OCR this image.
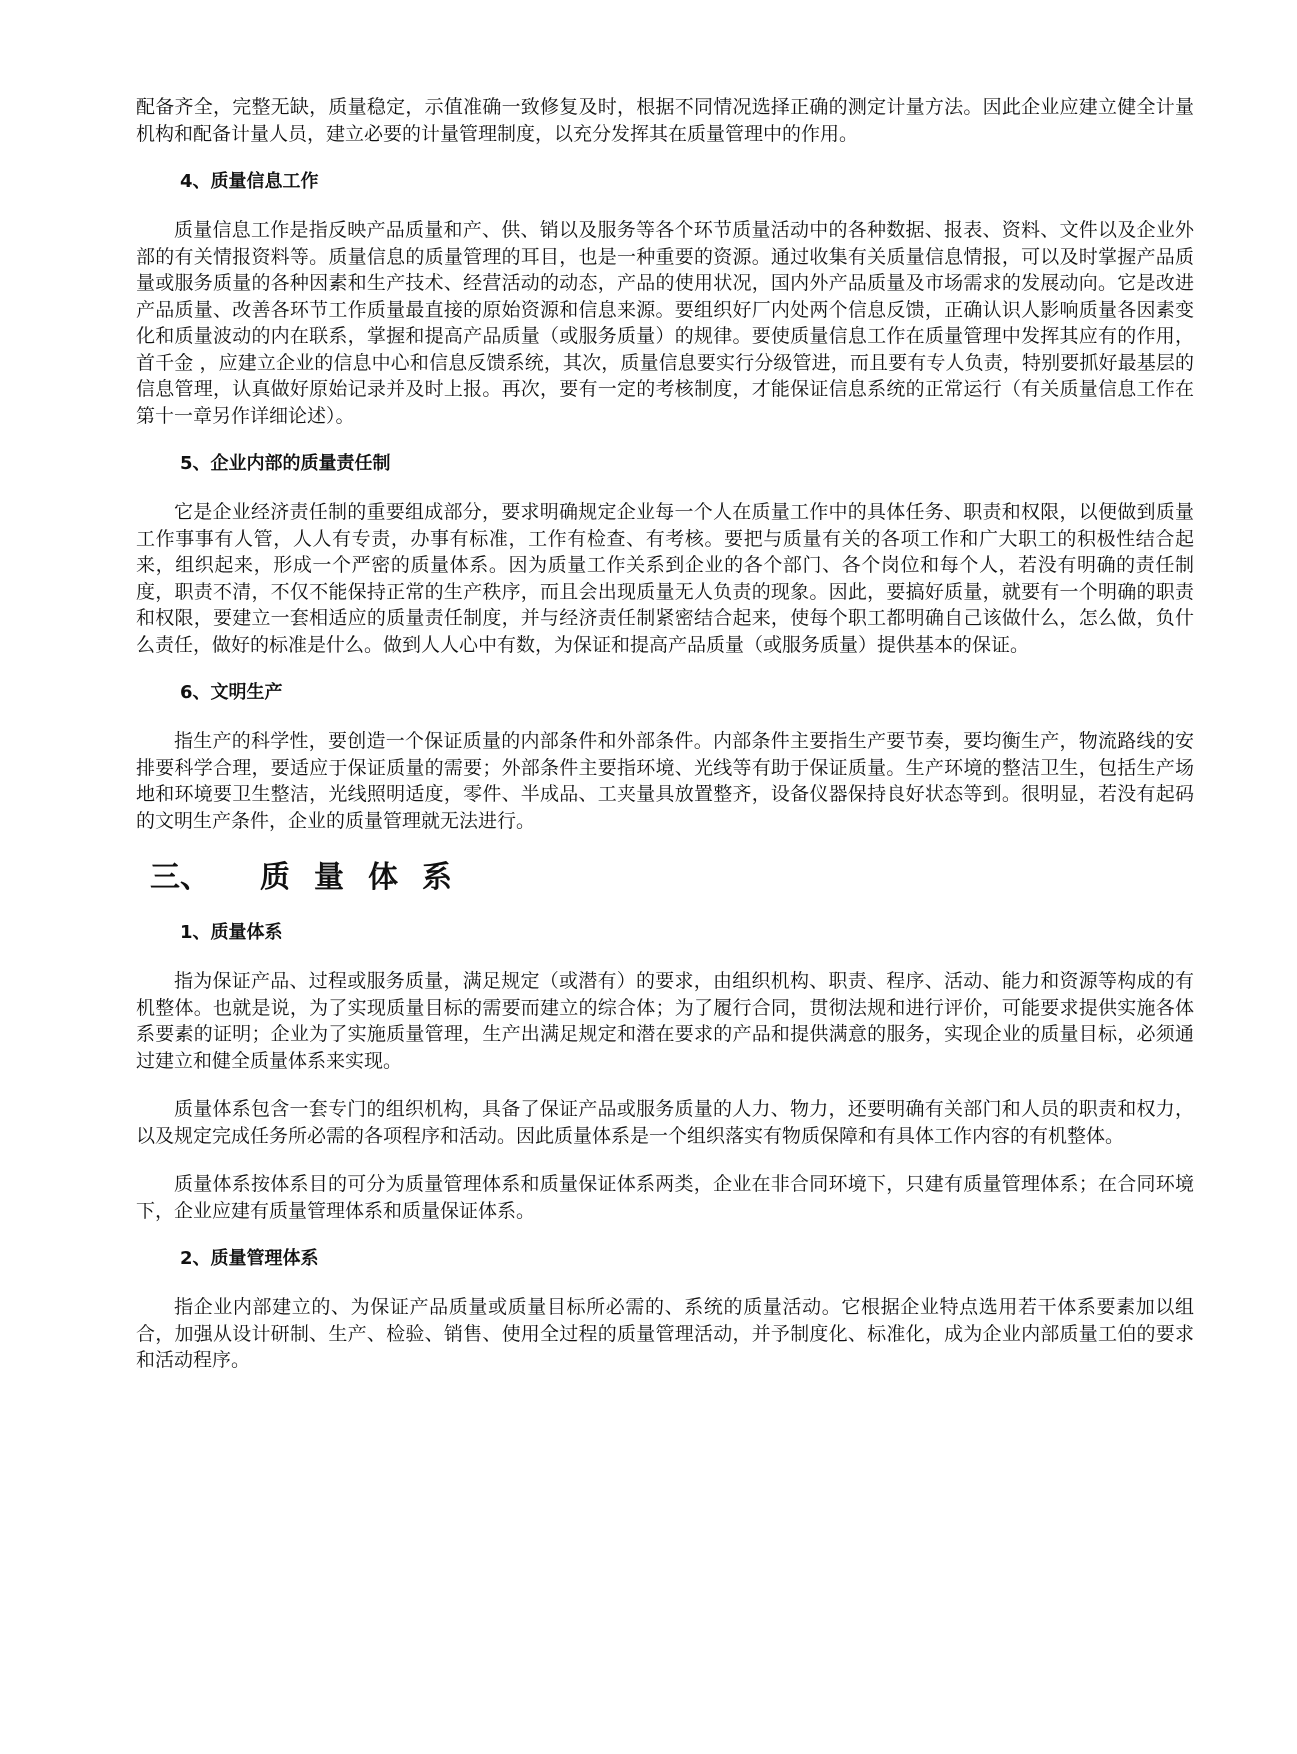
配备齐全，完整无缺，质量稳定，示值准确一致修复及时，根据不同情况选择正确的测定计量方法。因此企业应建立健全计量机构和配备计量人员，建立必要的计量管理制度，以充分发挥其在质量管理中的作用。

4、质量信息工作

质量信息工作是指反映产品质量和产、供、销以及服务等各个环节质量活动中的各种数据、报表、资料、文件以及企业外部的有关情报资料等。质量信息的质量管理的耳目，也是一种重要的资源。通过收集有关质量信息情报，可以及时掌握产品质量或服务质量的各种因素和生产技术、经营活动的动态，产品的使用状况，国内外产品质量及市场需求的发展动向。它是改进产品质量、改善各环节工作质量最直接的原始资源和信息来源。要组织好厂内处两个信息反馈，正确认识人影响质量各因素变化和质量波动的内在联系，掌握和提高产品质量（或服务质量）的规律。要使质量信息工作在质量管理中发挥其应有的作用，首千金 ，应建立企业的信息中心和信息反馈系统，其次，质量信息要实行分级管进，而且要有专人负责，特别要抓好最基层的信息管理，认真做好原始记录并及时上报。再次，要有一定的考核制度，才能保证信息系统的正常运行（有关质量信息工作在第十一章另作详细论述）。

5、企业内部的质量责任制

它是企业经济责任制的重要组成部分，要求明确规定企业每一个人在质量工作中的具体任务、职责和权限，以便做到质量工作事事有人管，人人有专责，办事有标准，工作有检查、有考核。要把与质量有关的各项工作和广大职工的积极性结合起来，组织起来，形成一个严密的质量体系。因为质量工作关系到企业的各个部门、各个岗位和每个人，若没有明确的责任制度，职责不清，不仅不能保持正常的生产秩序，而且会出现质量无人负责的现象。因此，要搞好质量，就要有一个明确的职责和权限，要建立一套相适应的质量责任制度，并与经济责任制紧密结合起来，使每个职工都明确自己该做什么，怎么做，负什么责任，做好的标准是什么。做到人人心中有数，为保证和提高产品质量（或服务质量）提供基本的保证。

6、文明生产

指生产的科学性，要创造一个保证质量的内部条件和外部条件。内部条件主要指生产要节奏，要均衡生产，物流路线的安排要科学合理，要适应于保证质量的需要；外部条件主要指环境、光线等有助于保证质量。生产环境的整洁卫生，包括生产场地和环境要卫生整洁，光线照明适度，零件、半成品、工夹量具放置整齐，设备仪器保持良好状态等到。很明显，若没有起码的文明生产条件，企业的质量管理就无法进行。

三、 质量体系

1、质量体系

指为保证产品、过程或服务质量，满足规定（或潜有）的要求，由组织机构、职责、程序、活动、能力和资源等构成的有机整体。也就是说，为了实现质量目标的需要而建立的综合体；为了履行合同，贯彻法规和进行评价，可能要求提供实施各体系要素的证明；企业为了实施质量管理，生产出满足规定和潜在要求的产品和提供满意的服务，实现企业的质量目标，必须通过建立和健全质量体系来实现。

质量体系包含一套专门的组织机构，具备了保证产品或服务质量的人力、物力，还要明确有关部门和人员的职责和权力，以及规定完成任务所必需的各项程序和活动。因此质量体系是一个组织落实有物质保障和有具体工作内容的有机整体。

质量体系按体系目的可分为质量管理体系和质量保证体系两类，企业在非合同环境下，只建有质量管理体系；在合同环境下，企业应建有质量管理体系和质量保证体系。

2、质量管理体系

指企业内部建立的、为保证产品质量或质量目标所必需的、系统的质量活动。它根据企业特点选用若干体系要素加以组合，加强从设计研制、生产、检验、销售、使用全过程的质量管理活动，并予制度化、标准化，成为企业内部质量工伯的要求和活动程序。
